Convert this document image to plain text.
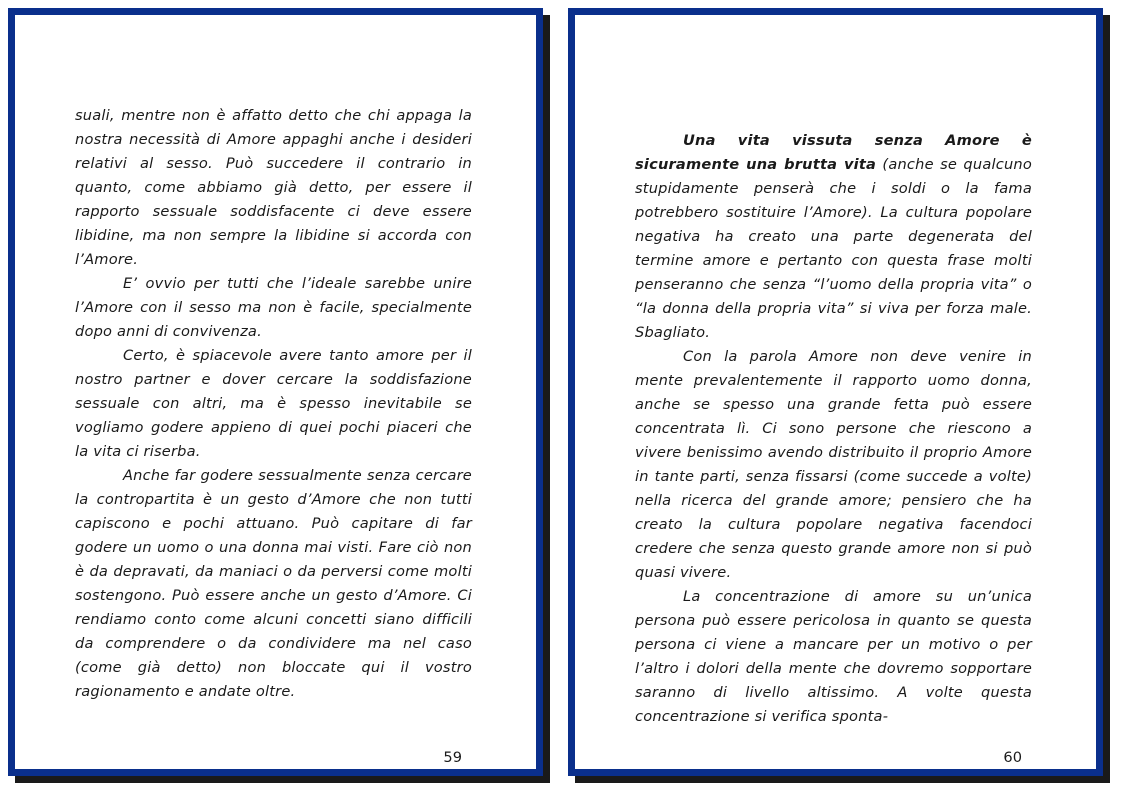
suali, mentre non è affatto detto che chi appaga la nostra necessità di Amore appaghi anche i desideri relativi al sesso. Può succedere il contrario in quanto, come abbiamo già detto, per essere il rapporto sessuale soddisfacente ci deve essere libidine, ma non sempre la libidine si accorda con l’Amore.

E’ ovvio per tutti che l’ideale sarebbe unire l’Amore con il sesso ma non è facile, specialmente dopo anni di convivenza.

Certo, è spiacevole avere tanto amore per il nostro partner e dover cercare la soddisfazione sessuale con altri, ma è spesso inevitabile se vogliamo godere appieno di quei pochi piaceri che la vita ci riserba.

Anche far godere sessualmente senza cercare la contropartita è un gesto d’Amore che non tutti capiscono e pochi attuano. Può capitare di far godere un uomo o una donna mai visti. Fare ciò non è da depravati, da maniaci o da perversi come molti sostengono. Può essere anche un gesto d’Amore. Ci rendiamo conto come alcuni concetti siano difficili da comprendere o da condividere ma nel caso (come già detto) non bloccate qui il vostro ragionamento e andate oltre.

59

Una vita vissuta senza Amore è sicuramente una brutta vita (anche se qualcuno stupidamente penserà che i soldi o la fama potrebbero sostituire l’Amore). La cultura popolare negativa ha creato una parte degenerata del termine amore e pertanto con questa frase molti penseranno che senza “l’uomo della propria vita” o “la donna della propria vita” si viva per forza male. Sbagliato.

Con la parola Amore non deve venire in mente prevalentemente il rapporto uomo donna, anche se spesso una grande fetta può essere concentrata lì. Ci sono persone che riescono a vivere benissimo avendo distribuito il proprio Amore in tante parti, senza fissarsi (come succede a volte) nella ricerca del grande amore; pensiero che ha creato la cultura popolare negativa facendoci credere che senza questo grande amore non si può quasi vivere.

La concentrazione di amore su un’unica persona può essere pericolosa in quanto se questa persona ci viene a mancare per un motivo o per l’altro i dolori della mente che dovremo sopportare saranno di livello altissimo. A volte questa concentrazione si verifica sponta-

60
